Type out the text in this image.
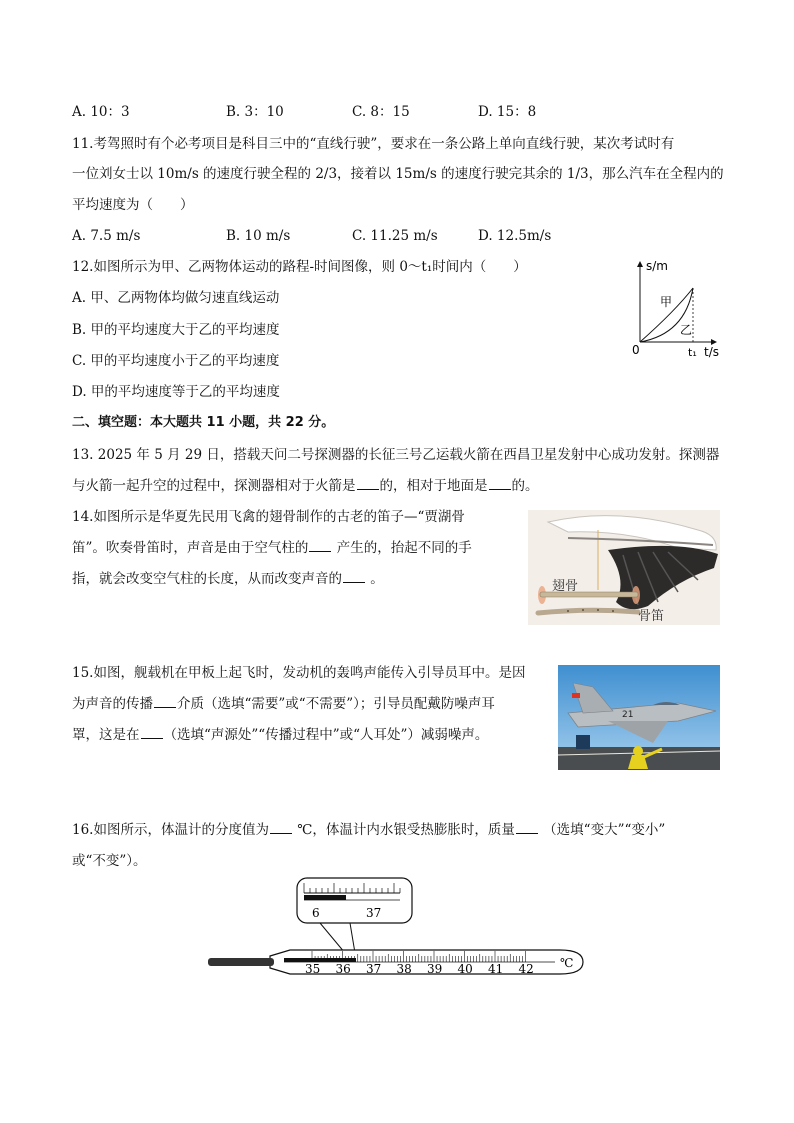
A. 10：3	B. 3：10	C. 8：15	D. 15：8
11.考驾照时有个必考项目是科目三中的“直线行驶”，要求在一条公路上单向直线行驶，某次考试时有
一位刘女士以 10m/s 的速度行驶全程的 2/3，接着以 15m/s 的速度行驶完其余的 1/3，那么汽车在全程内的
平均速度为（　　）
A. 7.5 m/s	B. 10 m/s	C. 11.25 m/s	D. 12.5m/s
12.如图所示为甲、乙两物体运动的路程-时间图像，则 0～t₁时间内（　　）
A. 甲、乙两物体均做匀速直线运动
B. 甲的平均速度大于乙的平均速度
C. 甲的平均速度小于乙的平均速度
D. 甲的平均速度等于乙的平均速度
s/m
t/s
0	t₁
甲
乙
二、填空题：本大题共 11 小题，共 22 分。
13. 2025 年 5 月 29 日，搭载天问二号探测器的长征三号乙运载火箭在西昌卫星发射中心成功发射。探测器
与火箭一起升空的过程中，探测器相对于火箭是 的，相对于地面是 的。
14.如图所示是华夏先民用飞禽的翅骨制作的古老的笛子—“贾湖骨
笛”。吹奏骨笛时，声音是由于空气柱的 产生的，抬起不同的手
指，就会改变空气柱的长度，从而改变声音的 。	翅骨
骨笛
15.如图，舰载机在甲板上起飞时，发动机的轰鸣声能传入引导员耳中。是因
为声音的传播 介质（选填“需要”或“不需要”）；引导员配戴防噪声耳
罩，这是在 （选填“声源处”“传播过程中”或“人耳处”）减弱噪声。
21
16.如图所示，体温计的分度值为 ℃，体温计内水银受热膨胀时，质量 （选填“变大”“变小”
或“不变”）。
6	37
35 36 37 38 39 40 41 42 ℃
